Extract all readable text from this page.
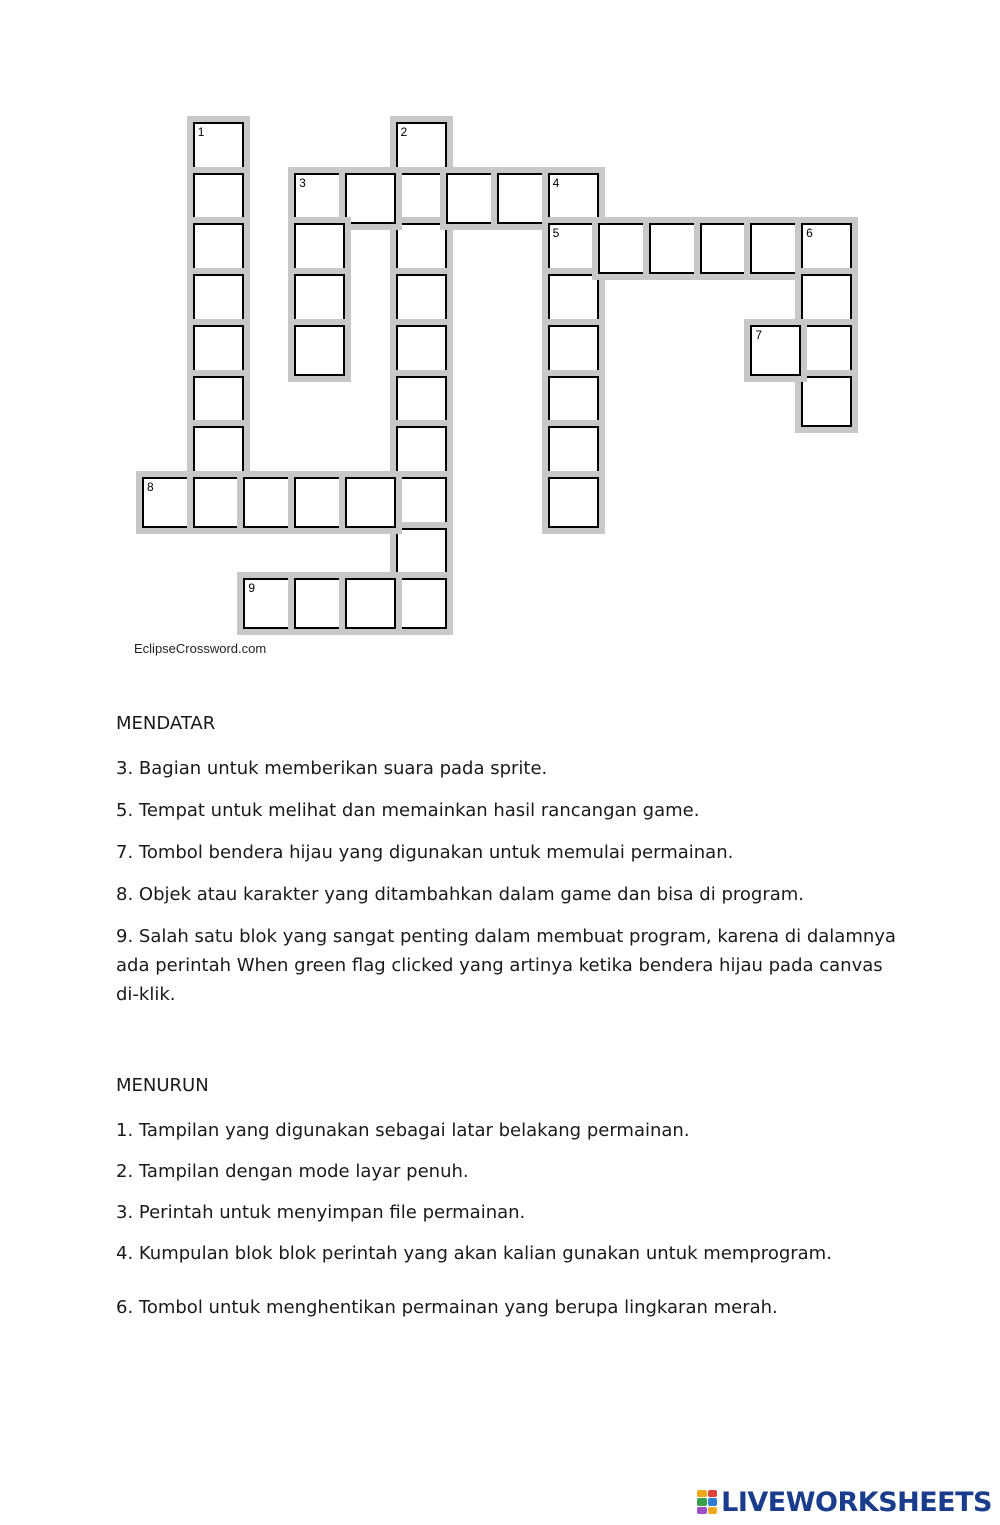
1	2
3	4
5	6
7
8
9
EclipseCrossword.com
MENDATAR

3. Bagian untuk memberikan suara pada sprite.

5. Tempat untuk melihat dan memainkan hasil rancangan game.

7. Tombol bendera hijau yang digunakan untuk memulai permainan.

8. Objek atau karakter yang ditambahkan dalam game dan bisa di program.

9. Salah satu blok yang sangat penting dalam membuat program, karena di dalamnya ada perintah When green flag clicked yang artinya ketika bendera hijau pada canvas di-klik.

MENURUN

1. Tampilan yang digunakan sebagai latar belakang permainan.

2. Tampilan dengan mode layar penuh.

3. Perintah untuk menyimpan file permainan.

4. Kumpulan blok blok perintah yang akan kalian gunakan untuk memprogram.

6. Tombol untuk menghentikan permainan yang berupa lingkaran merah.

LIVEWORKSHEETS
